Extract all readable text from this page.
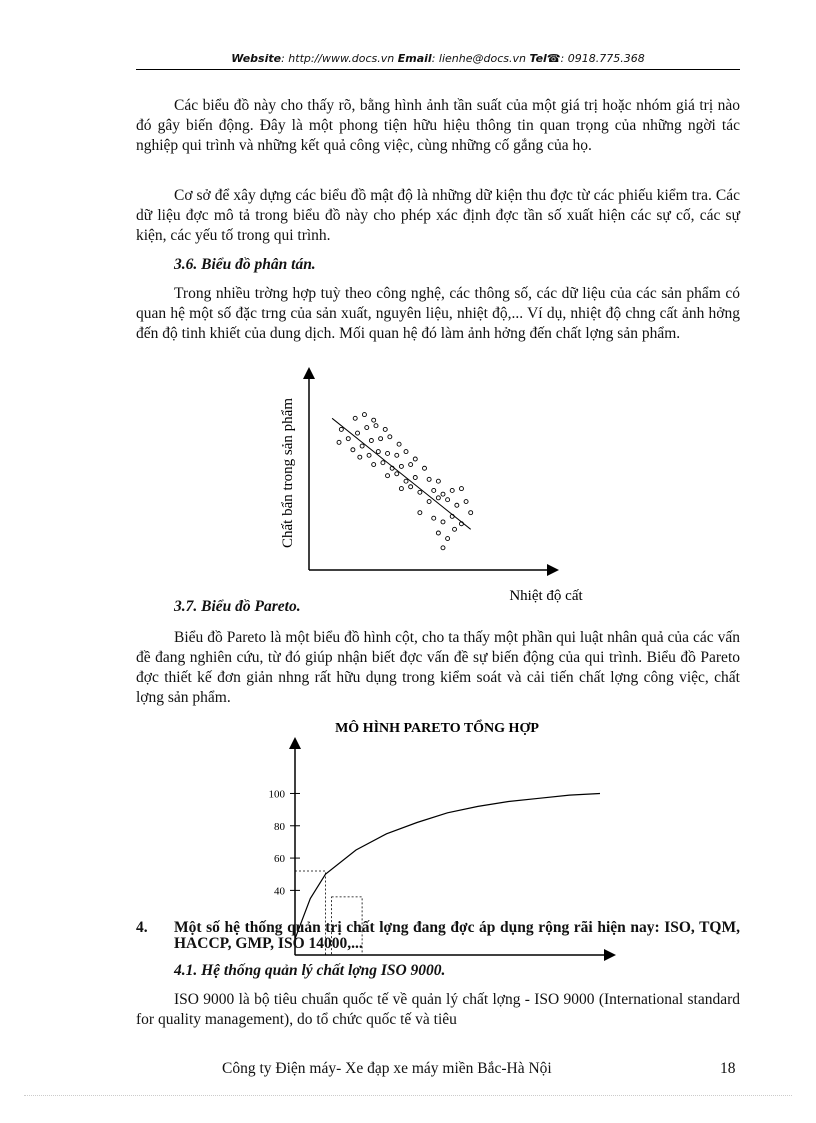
Website: http://www.docs.vn Email: lienhe@docs.vn Tel☎: 0918.775.368

Các biểu đồ này cho thấy rõ, bằng hình ảnh tần suất của một giá trị hoặc nhóm giá trị nào đó gây biến động. Đây là một phong tiện hữu hiệu thông tin quan trọng của những ngời tác nghiệp qui trình và những kết quả công việc, cùng những cố gắng của họ.

Cơ sở để xây dựng các biểu đồ mật độ là những dữ kiện thu đợc từ các phiếu kiểm tra. Các dữ liệu đợc mô tả trong biểu đồ này cho phép xác định đợc tần số xuất hiện các sự cố, các sự kiện, các yếu tố trong qui trình.

3.6. Biểu đồ phân tán.

Trong nhiều trờng hợp tuỳ theo công nghệ, các thông số, các dữ liệu của các sản phẩm có quan hệ một số đặc trng của sản xuất, nguyên liệu, nhiệt độ,... Ví dụ, nhiệt độ chng cất ảnh hởng đến độ tinh khiết của dung dịch. Mối quan hệ đó làm ảnh hởng đến chất lợng sản phẩm.

Chất bẩn trong sản phẩm
Nhiệt độ cất

3.7. Biểu đồ Pareto.

Biểu đồ Pareto là một biểu đồ hình cột, cho ta thấy một phần qui luật nhân quả của các vấn đề đang nghiên cứu, từ đó giúp nhận biết đợc vấn đề sự biến động của qui trình. Biểu đồ Pareto đợc thiết kế đơn giản nhng rất hữu dụng trong kiểm soát và cải tiến chất lợng công việc, chất lợng sản phẩm.

MÔ HÌNH PARETO TỔNG HỢP
40
60
80
100
4. Một số hệ thống quản trị chất lợng đang đợc áp dụng rộng rãi hiện nay: ISO, TQM, HACCP, GMP, ISO 14000,...

4.1. Hệ thống quản lý chất lợng ISO 9000.

ISO 9000 là bộ tiêu chuẩn quốc tế về quản lý chất lợng - ISO 9000 (International standard for quality management), do tổ chức quốc tế và tiêu

Công ty Điện máy- Xe đạp xe máy miền Bắc-Hà Nội	18
